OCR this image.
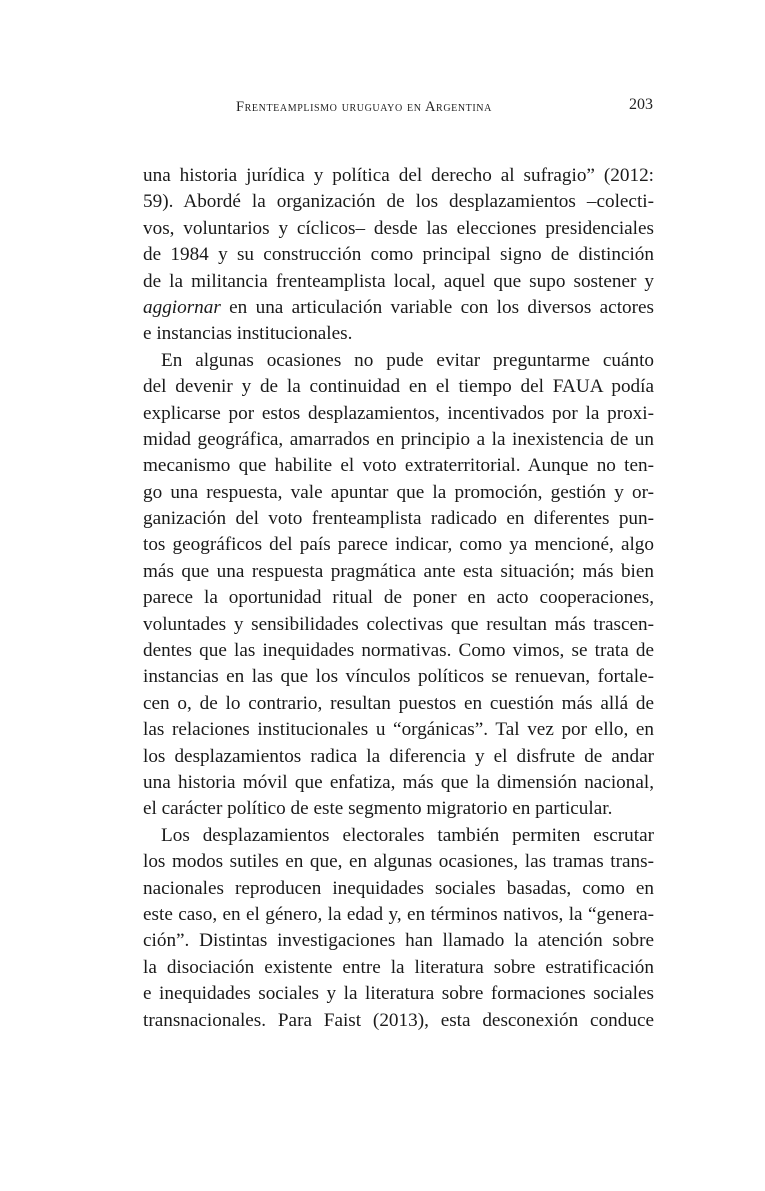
Frenteamplismo uruguayo en Argentina	203
una historia jurídica y política del derecho al sufragio” (2012:
59). Abordé la organización de los desplazamientos –colecti-
vos, voluntarios y cíclicos– desde las elecciones presidenciales
de 1984 y su construcción como principal signo de distinción
de la militancia frenteamplista local, aquel que supo sostener y
aggiornar en una articulación variable con los diversos actores
e instancias institucionales.
En algunas ocasiones no pude evitar preguntarme cuánto
del devenir y de la continuidad en el tiempo del FAUA podía
explicarse por estos desplazamientos, incentivados por la proxi-
midad geográfica, amarrados en principio a la inexistencia de un
mecanismo que habilite el voto extraterritorial. Aunque no ten-
go una respuesta, vale apuntar que la promoción, gestión y or-
ganización del voto frenteamplista radicado en diferentes pun-
tos geográficos del país parece indicar, como ya mencioné, algo
más que una respuesta pragmática ante esta situación; más bien
parece la oportunidad ritual de poner en acto cooperaciones,
voluntades y sensibilidades colectivas que resultan más trascen-
dentes que las inequidades normativas. Como vimos, se trata de
instancias en las que los vínculos políticos se renuevan, fortale-
cen o, de lo contrario, resultan puestos en cuestión más allá de
las relaciones institucionales u “orgánicas”. Tal vez por ello, en
los desplazamientos radica la diferencia y el disfrute de andar
una historia móvil que enfatiza, más que la dimensión nacional,
el carácter político de este segmento migratorio en particular.
Los desplazamientos electorales también permiten escrutar
los modos sutiles en que, en algunas ocasiones, las tramas trans-
nacionales reproducen inequidades sociales basadas, como en
este caso, en el género, la edad y, en términos nativos, la “genera-
ción”. Distintas investigaciones han llamado la atención sobre
la disociación existente entre la literatura sobre estratificación
e inequidades sociales y la literatura sobre formaciones sociales
transnacionales. Para Faist (2013), esta desconexión conduce
